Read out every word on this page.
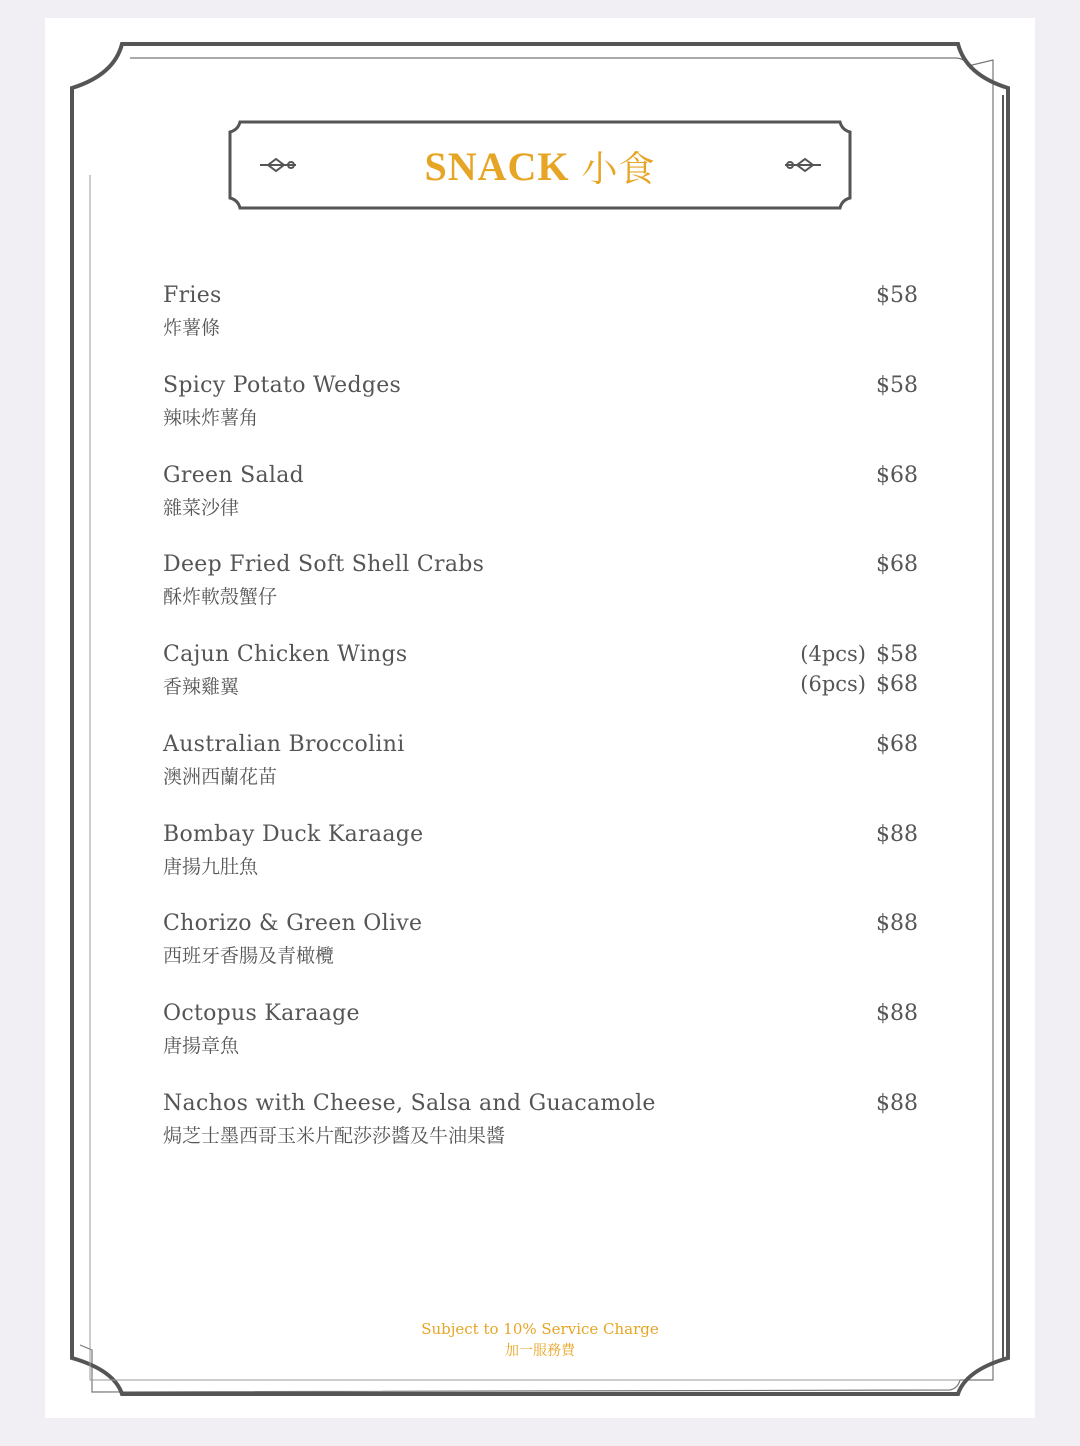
SNACK 小食
Fries
炸薯條
$58
Spicy Potato Wedges
辣味炸薯角
$58
Green Salad
雜菜沙律
$68
Deep Fried Soft Shell Crabs
酥炸軟殼蟹仔
$68
Cajun Chicken Wings
香辣雞翼
(4pcs) $58
(6pcs) $68
Australian Broccolini
澳洲西蘭花苗
$68
Bombay Duck Karaage
唐揚九肚魚
$88
Chorizo & Green Olive
西班牙香腸及青橄欖
$88
Octopus Karaage
唐揚章魚
$88
Nachos with Cheese, Salsa and Guacamole
焗芝士墨西哥玉米片配莎莎醬及牛油果醬
$88
Subject to 10% Service Charge
加一服務費
